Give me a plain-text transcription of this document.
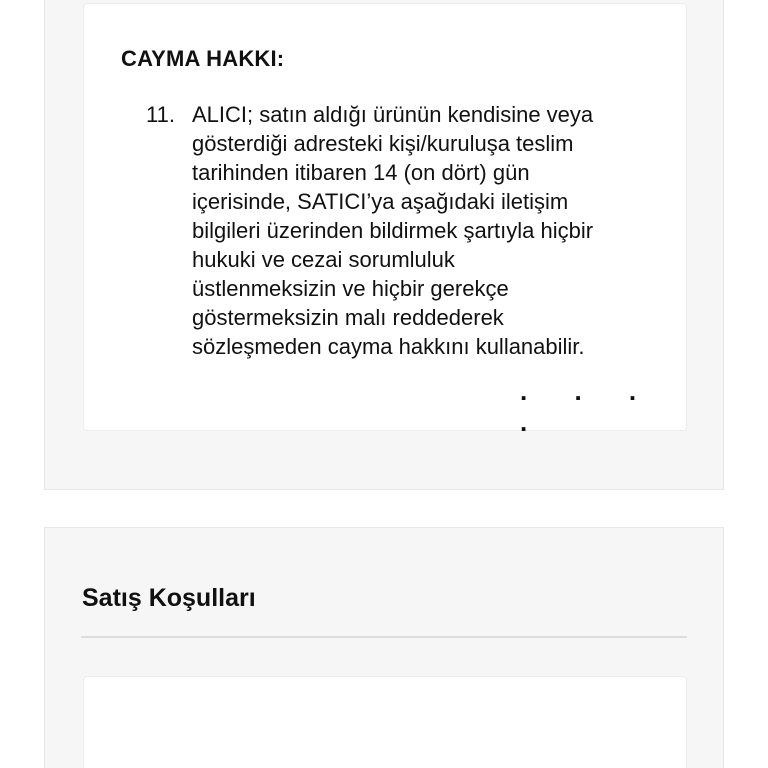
CAYMA HAKKI:
11. ALICI; satın aldığı ürünün kendisine veya
gösterdiği adresteki kişi/kuruluşa teslim
tarihinden itibaren 14 (on dört) gün
içerisinde, SATICI’ya aşağıdaki iletişim
bilgileri üzerinden bildirmek şartıyla hiçbir
hukuki ve cezai sorumluluk
üstlenmeksizin ve hiçbir gerekçe
göstermeksizin malı reddederek
sözleşmeden cayma hakkını kullanabilir.

. . . .
Satış Koşulları
